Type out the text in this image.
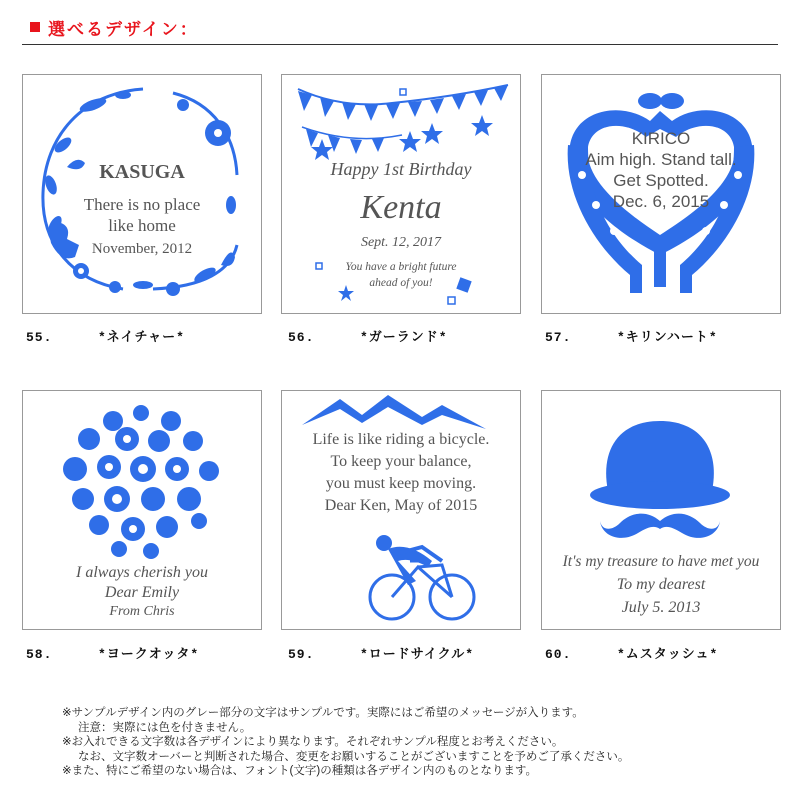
選べるデザイン：
KASUGA
There is no place
like home
November, 2012
Happy 1st Birthday
Kenta
Sept. 12, 2017
You have a bright future
ahead of you!
KIRICO
Aim high. Stand tall.
Get Spotted.
Dec. 6, 2015
I always cherish you
Dear Emily
From Chris
Life is like riding a bicycle.
To keep your balance,
you must keep moving.
Dear Ken, May of 2015
It's my treasure to have met you
To my dearest
July 5. 2013
55.	*ネイチャー*	56.	*ガーランド*	57.	*キリンハート*
58.	*ヨークオッタ*	59.	*ロードサイクル*	60.	*ムスタッシュ*
※サンプルデザイン内のグレー部分の文字はサンプルです。実際にはご希望のメッセージが入ります。
注意：実際には色を付きません。
※お入れできる文字数は各デザインにより異なります。それぞれサンプル程度とお考えください。
なお、文字数オーバーと判断された場合、変更をお願いすることがございますことを予めご了承ください。
※また、特にご希望のない場合は、フォント(文字)の種類は各デザイン内のものとなります。
